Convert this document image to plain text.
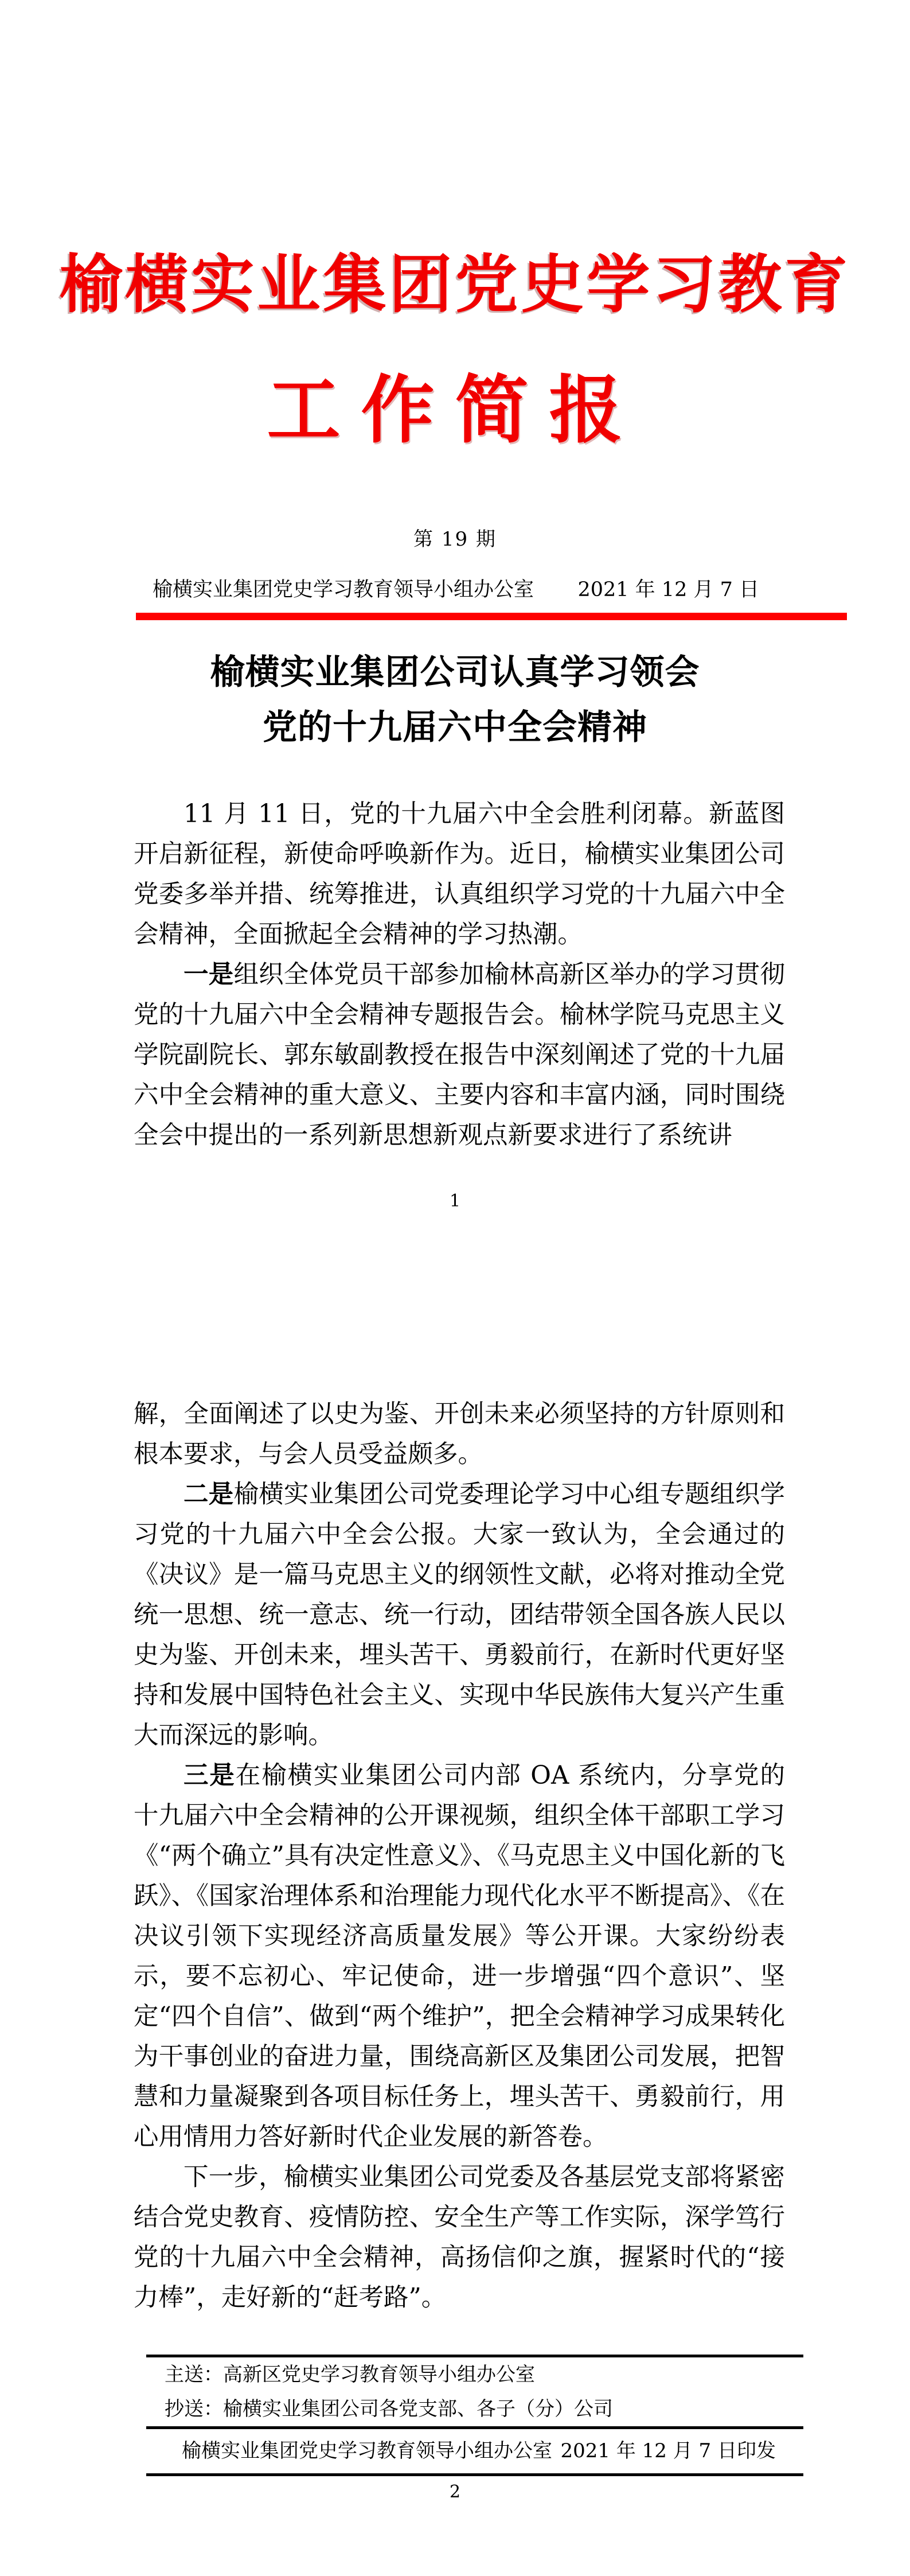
榆横实业集团党史学习教育
工作简报
第 19 期
榆横实业集团党史学习教育领导小组办公室 2021 年 12 月 7 日
榆横实业集团公司认真学习领会
党的十九届六中全会精神

11 月 11 日，党的十九届六中全会胜利闭幕。新蓝图开启新征程，新使命呼唤新作为。近日，榆横实业集团公司党委多举并措、统筹推进，认真组织学习党的十九届六中全会精神，全面掀起全会精神的学习热潮。

一是组织全体党员干部参加榆林高新区举办的学习贯彻党的十九届六中全会精神专题报告会。榆林学院马克思主义学院副院长、郭东敏副教授在报告中深刻阐述了党的十九届六中全会精神的重大意义、主要内容和丰富内涵，同时围绕全会中提出的一系列新思想新观点新要求进行了系统讲

1

解，全面阐述了以史为鉴、开创未来必须坚持的方针原则和根本要求，与会人员受益颇多。

二是榆横实业集团公司党委理论学习中心组专题组织学习党的十九届六中全会公报。大家一致认为，全会通过的《决议》是一篇马克思主义的纲领性文献，必将对推动全党统一思想、统一意志、统一行动，团结带领全国各族人民以史为鉴、开创未来，埋头苦干、勇毅前行，在新时代更好坚持和发展中国特色社会主义、实现中华民族伟大复兴产生重大而深远的影响。

三是在榆横实业集团公司内部 OA 系统内，分享党的十九届六中全会精神的公开课视频，组织全体干部职工学习《“两个确立”具有决定性意义》、《马克思主义中国化新的飞跃》、《国家治理体系和治理能力现代化水平不断提高》、《在决议引领下实现经济高质量发展》等公开课。大家纷纷表示，要不忘初心、牢记使命，进一步增强“四个意识”、坚定“四个自信”、做到“两个维护”，把全会精神学习成果转化为干事创业的奋进力量，围绕高新区及集团公司发展，把智慧和力量凝聚到各项目标任务上，埋头苦干、勇毅前行，用心用情用力答好新时代企业发展的新答卷。

下一步，榆横实业集团公司党委及各基层党支部将紧密结合党史教育、疫情防控、安全生产等工作实际，深学笃行党的十九届六中全会精神，高扬信仰之旗，握紧时代的“接力棒”，走好新的“赶考路”。

主送：高新区党史学习教育领导小组办公室
抄送：榆横实业集团公司各党支部、各子（分）公司
榆横实业集团党史学习教育领导小组办公室 2021 年 12 月 7 日印发
2
